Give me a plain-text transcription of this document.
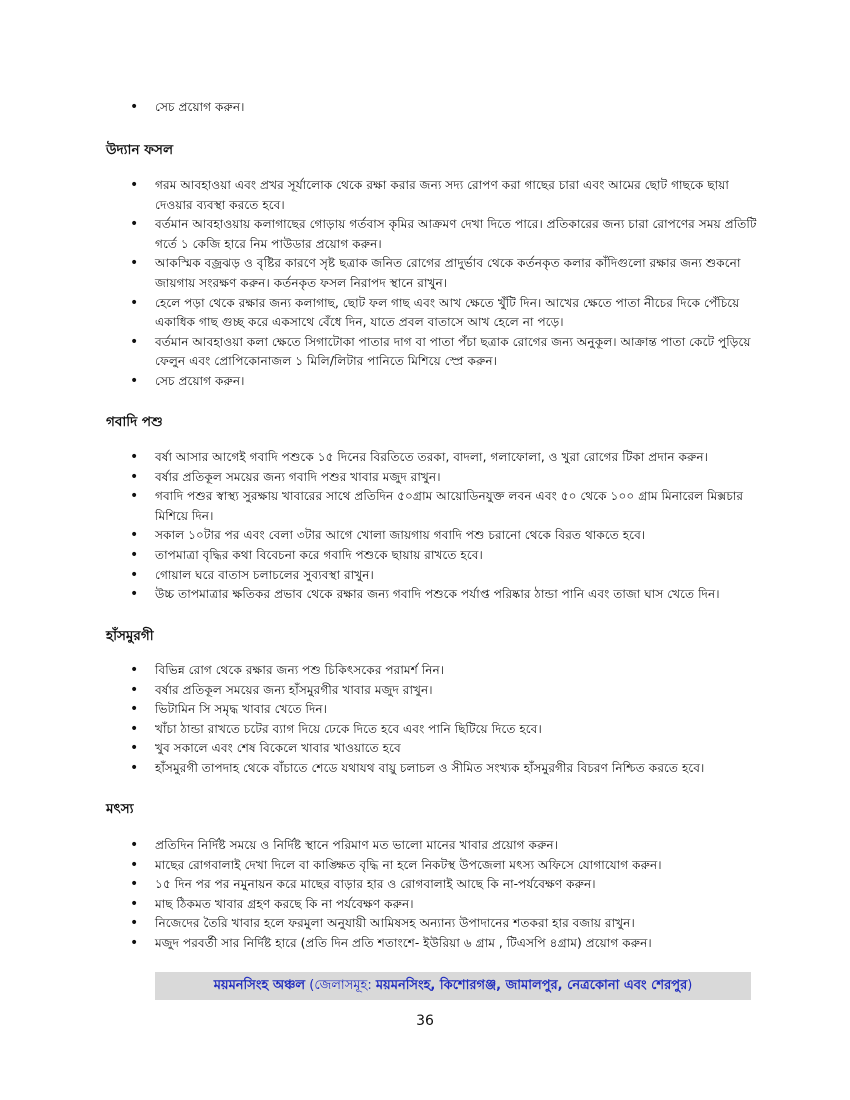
• সেচ প্রয়োগ করুন।
উদ্যান ফসল
• গরম আবহাওয়া এবং প্রখর সূর্যালোক থেকে রক্ষা করার জন্য সদ্য রোপণ করা গাছের চারা এবং আমের ছোট গাছকে ছায়া দেওয়ার ব্যবস্থা করতে হবে।
• বর্তমান আবহাওয়ায় কলাগাছের গোড়ায় গর্তবাস কৃমির আক্রমণ দেখা দিতে পারে। প্রতিকারের জন্য চারা রোপণের সময় প্রতিটি গর্তে ১ কেজি হারে নিম পাউডার প্রয়োগ করুন।
• আকস্মিক বজ্রঝড় ও বৃষ্টির কারণে সৃষ্ট ছত্রাক জনিত রোগের প্রাদুর্ভাব থেকে কর্তনকৃত কলার কাঁদিগুলো রক্ষার জন্য শুকনো জায়গায় সংরক্ষণ করুন। কর্তনকৃত ফসল নিরাপদ স্থানে রাখুন।
• হেলে পড়া থেকে রক্ষার জন্য কলাগাছ, ছোট ফল গাছ এবং আখ ক্ষেতে খুঁটি দিন। আখের ক্ষেতে পাতা নীচের দিকে পেঁচিয়ে একাধিক গাছ গুচ্ছ করে একসাথে বেঁধে দিন, যাতে প্রবল বাতাসে আখ হেলে না পড়ে।
• বর্তমান আবহাওয়া কলা ক্ষেতে সিগাটোকা পাতার দাগ বা পাতা পঁচা ছত্রাক রোগের জন্য অনুকূল। আক্রান্ত পাতা কেটে পুড়িয়ে ফেলুন এবং প্রোপিকোনাজল ১ মিলি/লিটার পানিতে মিশিয়ে স্প্রে করুন।
• সেচ প্রয়োগ করুন।
গবাদি পশু
• বর্ষা আসার আগেই গবাদি পশুকে ১৫ দিনের বিরতিতে তরকা, বাদলা, গলাফোলা, ও খুরা রোগের টিকা প্রদান করুন।
• বর্ষার প্রতিকূল সময়ের জন্য গবাদি পশুর খাবার মজুদ রাখুন।
• গবাদি পশুর স্বাস্থ্য সুরক্ষায় খাবারের সাথে প্রতিদিন ৫০গ্রাম আয়োডিনযুক্ত লবন এবং ৫০ থেকে ১০০ গ্রাম মিনারেল মিক্সচার মিশিয়ে দিন।
• সকাল ১০টার পর এবং বেলা ৩টার আগে খোলা জায়গায় গবাদি পশু চরানো থেকে বিরত থাকতে হবে।
• তাপমাত্রা বৃদ্ধির কথা বিবেচনা করে গবাদি পশুকে ছায়ায় রাখতে হবে।
• গোয়াল ঘরে বাতাস চলাচলের সুব্যবস্থা রাখুন।
• উচ্চ তাপমাত্রার ক্ষতিকর প্রভাব থেকে রক্ষার জন্য গবাদি পশুকে পর্যাপ্ত পরিষ্কার ঠান্ডা পানি এবং তাজা ঘাস খেতে দিন।
হাঁসমুরগী
• বিভিন্ন রোগ থেকে রক্ষার জন্য পশু চিকিৎসকের পরামর্শ নিন।
• বর্ষার প্রতিকূল সময়ের জন্য হাঁসমুরগীর খাবার মজুদ রাখুন।
• ভিটামিন সি সমৃদ্ধ খাবার খেতে দিন।
• খাঁচা ঠান্ডা রাখতে চটের ব্যাগ দিয়ে ঢেকে দিতে হবে এবং পানি ছিটিয়ে দিতে হবে।
• খুব সকালে এবং শেষ বিকেলে খাবার খাওয়াতে হবে
• হাঁসমুরগী তাপদাহ থেকে বাঁচাতে শেডে যথাযথ বায়ু চলাচল ও সীমিত সংখ্যক হাঁসমুরগীর বিচরণ নিশ্চিত করতে হবে।
মৎস্য
• প্রতিদিন নির্দিষ্ট সময়ে ও নির্দিষ্ট স্থানে পরিমাণ মত ভালো মানের খাবার প্রয়োগ করুন।
• মাছের রোগবালাই দেখা দিলে বা কাঙ্ক্ষিত বৃদ্ধি না হলে নিকটস্থ উপজেলা মৎস্য অফিসে যোগাযোগ করুন।
• ১৫ দিন পর পর নমুনায়ন করে মাছের বাড়ার হার ও রোগবালাই আছে কি না-পর্যবেক্ষণ করুন।
• মাছ ঠিকমত খাবার গ্রহণ করছে কি না পর্যবেক্ষণ করুন।
• নিজেদের তৈরি খাবার হলে ফরমুলা অনুযায়ী আমিষসহ অন্যান্য উপাদানের শতকরা হার বজায় রাখুন।
• মজুদ পরবর্তী সার নির্দিষ্ট হারে (প্রতি দিন প্রতি শতাংশে- ইউরিয়া ৬ গ্রাম , টিএসপি ৪গ্রাম) প্রয়োগ করুন।
ময়মনসিংহ অঞ্চল (জেলাসমূহ: ময়মনসিংহ, কিশোরগঞ্জ, জামালপুর, নেত্রকোনা এবং শেরপুর)
36
